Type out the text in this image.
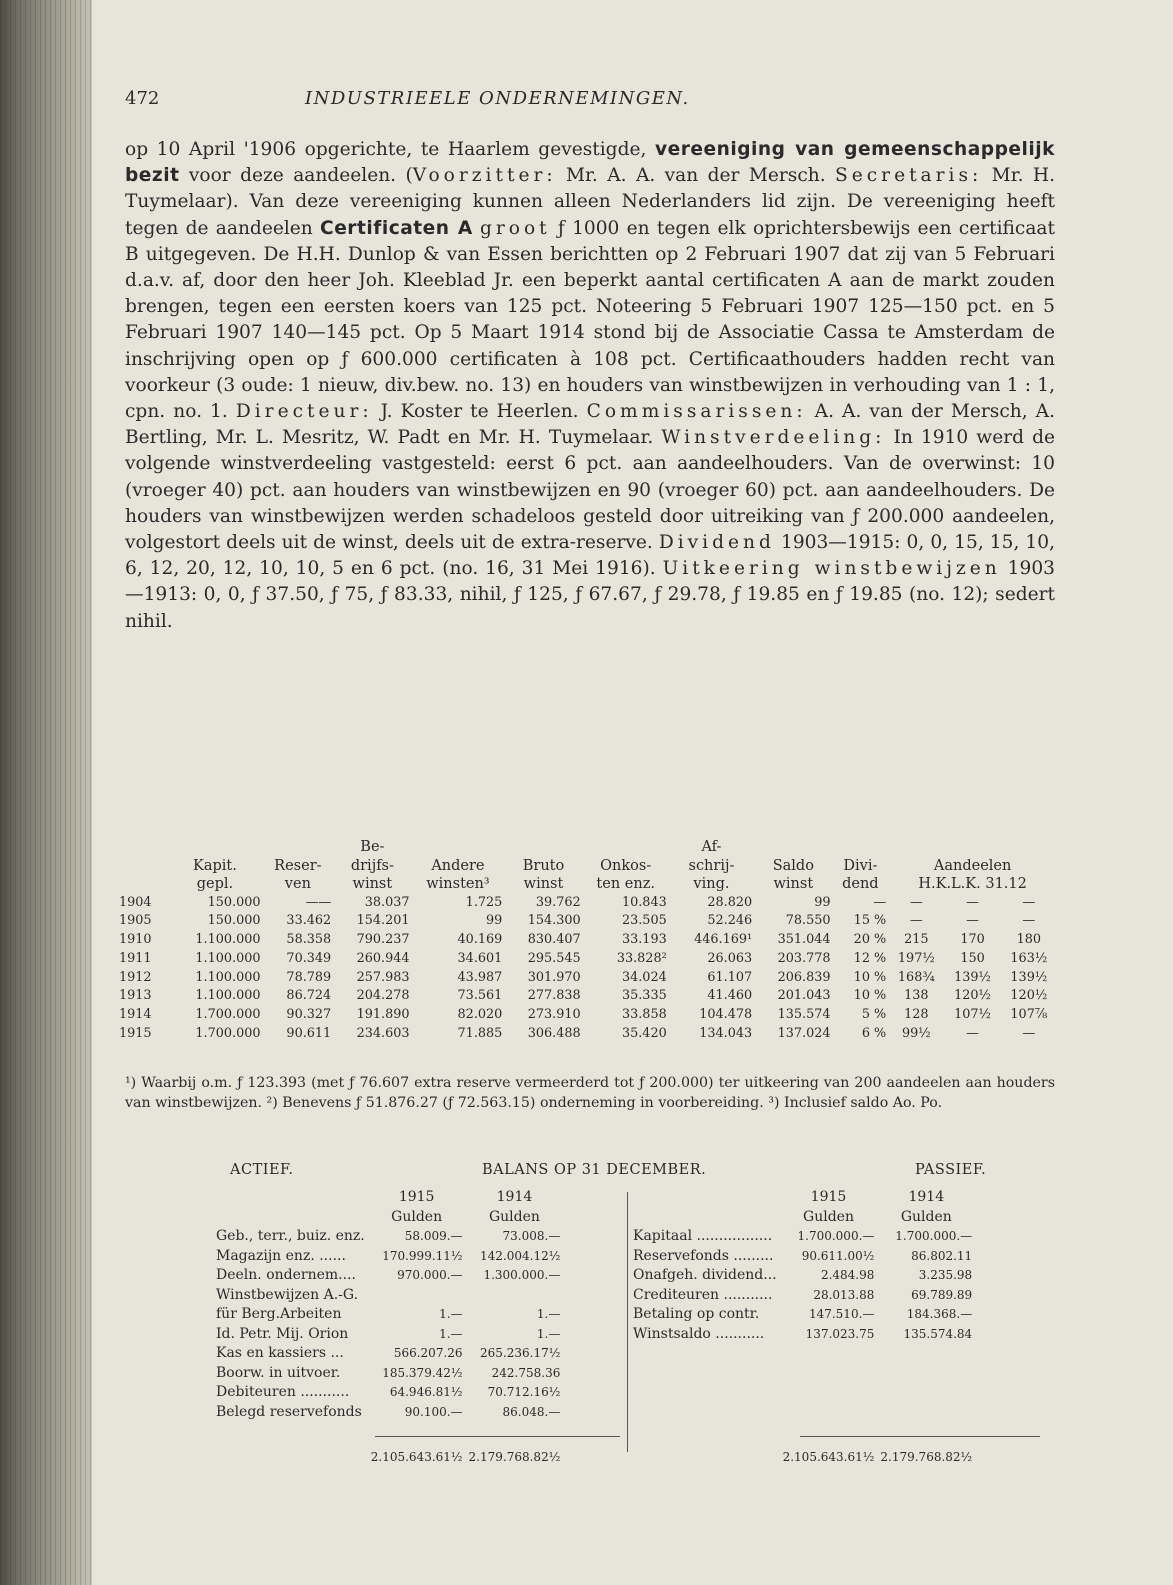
472	INDUSTRIEELE ONDERNEMINGEN.

op 10 April '1906 opgerichte, te Haarlem gevestigde, vereeniging van gemeenschappelijk bezit voor deze aandeelen. (Voorzitter: Mr. A. A. van der Mersch. Secretaris: Mr. H. Tuymelaar). Van deze vereeniging kunnen alleen Nederlanders lid zijn. De vereeniging heeft tegen de aandeelen Certificaten A groot ƒ 1000 en tegen elk oprichtersbewijs een certificaat B uitgegeven. De H.H. Dunlop & van Essen berichtten op 2 Februari 1907 dat zij van 5 Februari d.a.v. af, door den heer Joh. Kleeblad Jr. een beperkt aantal certificaten A aan de markt zouden brengen, tegen een eersten koers van 125 pct. Noteering 5 Februari 1907 125—150 pct. en 5 Februari 1907 140—145 pct. Op 5 Maart 1914 stond bij de Associatie Cassa te Amsterdam de inschrijving open op ƒ 600.000 certificaten à 108 pct. Certificaathouders hadden recht van voorkeur (3 oude: 1 nieuw, div.bew. no. 13) en houders van winstbewijzen in verhouding van 1 : 1, cpn. no. 1. Directeur: J. Koster te Heerlen. Commissarissen: A. A. van der Mersch, A. Bertling, Mr. L. Mesritz, W. Padt en Mr. H. Tuymelaar. Winstverdeeling: In 1910 werd de volgende winstverdeeling vastgesteld: eerst 6 pct. aan aandeelhouders. Van de overwinst: 10 (vroeger 40) pct. aan houders van winstbewijzen en 90 (vroeger 60) pct. aan aandeelhouders. De houders van winstbewijzen werden schadeloos gesteld door uitreiking van ƒ 200.000 aandeelen, volgestort deels uit de winst, deels uit de extra-reserve. Dividend 1903—1915: 0, 0, 15, 15, 10, 6, 12, 20, 12, 10, 10, 5 en 6 pct. (no. 16, 31 Mei 1916). Uitkeering winstbewijzen 1903—1913: 0, 0, ƒ 37.50, ƒ 75, ƒ 83.33, nihil, ƒ 125, ƒ 67.67, ƒ 29.78, ƒ 19.85 en ƒ 19.85 (no. 12); sedert nihil.

			Be-				Af-					
	Kapit.	Reser-	drijfs-	Andere	Bruto	Onkos-	schrij-	Saldo	Divi-	Aandeelen		
	gepl.	ven	winst	winsten³	winst	ten enz.	ving.	winst	dend	H.K.L.K. 31.12		
1904	150.000	——	38.037	1.725	39.762	10.843	28.820	99	—	—	—	—
1905	150.000	33.462	154.201	99	154.300	23.505	52.246	78.550	15 %	—	—	—
1910	1.100.000	58.358	790.237	40.169	830.407	33.193	446.169¹	351.044	20 %	215	170	180
1911	1.100.000	70.349	260.944	34.601	295.545	33.828²	26.063	203.778	12 %	197½	150	163½
1912	1.100.000	78.789	257.983	43.987	301.970	34.024	61.107	206.839	10 %	168¾	139½	139½
1913	1.100.000	86.724	204.278	73.561	277.838	35.335	41.460	201.043	10 %	138	120½	120½
1914	1.700.000	90.327	191.890	82.020	273.910	33.858	104.478	135.574	5 %	128	107½	107⅞
1915	1.700.000	90.611	234.603	71.885	306.488	35.420	134.043	137.024	6 %	99½	—	—

¹) Waarbij o.m. ƒ 123.393 (met ƒ 76.607 extra reserve vermeerderd tot ƒ 200.000) ter uitkeering van 200 aandeelen aan houders van winstbewijzen. ²) Benevens ƒ 51.876.27 (ƒ 72.563.15) onderneming in voorbereiding. ³) Inclusief saldo Ao. Po.

ACTIEF.	BALANS OP 31 DECEMBER.	PASSIEF.
	1915	1914
	Gulden	Gulden
Geb., terr., buiz. enz.	58.009.—	73.008.—
Magazijn enz. ......	170.999.11½	142.004.12½
Deeln. ondernem....	970.000.—	1.300.000.—
Winstbewijzen A.-G.		
für Berg.Arbeiten	1.—	1.—
Id. Petr. Mij. Orion	1.—	1.—
Kas en kassiers ...	566.207.26	265.236.17½
Boorw. in uitvoer.	185.379.42½	242.758.36
Debiteuren ...........	64.946.81½	70.712.16½
Belegd reservefonds	90.100.—	86.048.—
	2.105.643.61½	2.179.768.82½
	1915	1914
	Gulden	Gulden
Kapitaal .................	1.700.000.—	1.700.000.—
Reservefonds .........	90.611.00½	86.802.11
Onafgeh. dividend...	2.484.98	3.235.98
Crediteuren ...........	28.013.88	69.789.89
Betaling op contr.	147.510.—	184.368.—
Winstsaldo ...........	137.023.75	135.574.84

	2.105.643.61½	2.179.768.82½
